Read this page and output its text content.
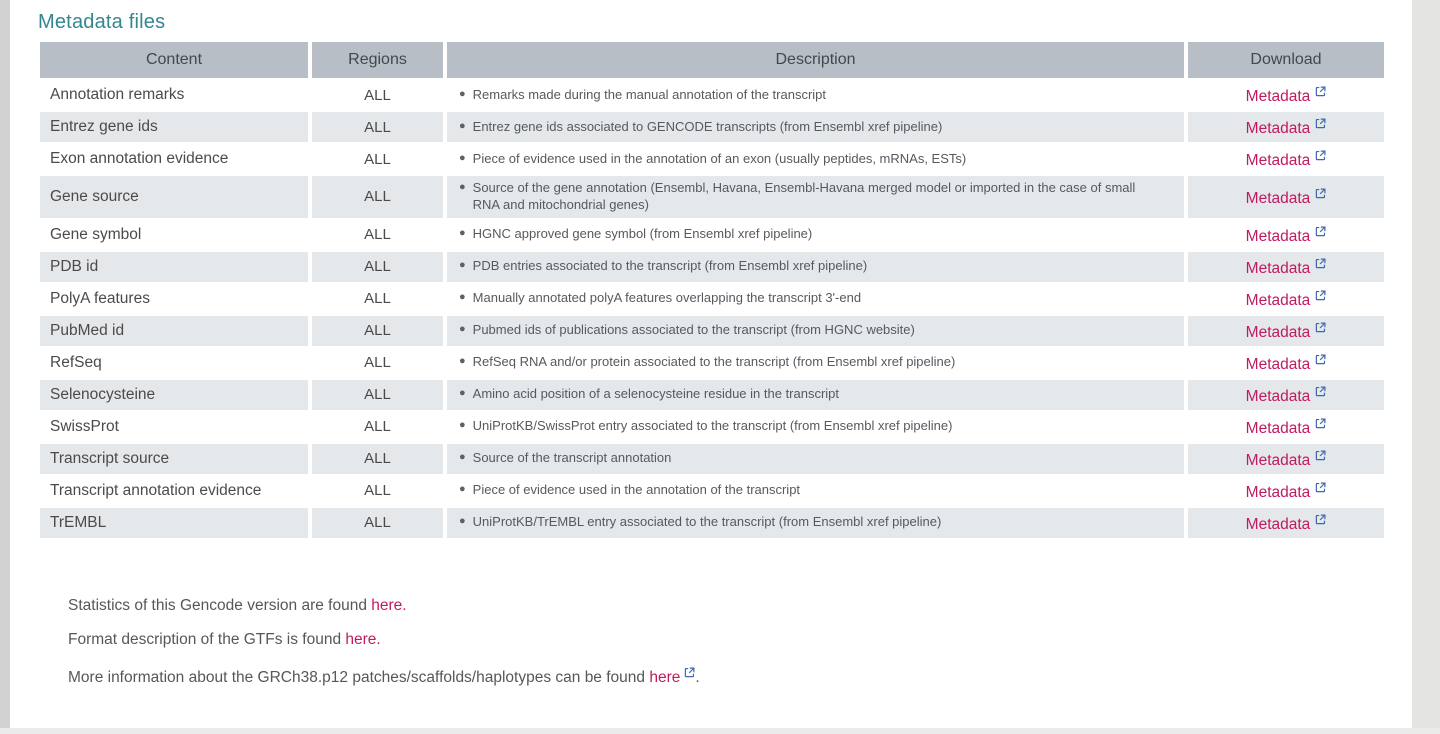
Metadata files
Content	Regions	Description	Download
Annotation remarks	ALL	● Remarks made during the manual annotation of the transcript	Metadata
Entrez gene ids	ALL	● Entrez gene ids associated to GENCODE transcripts (from Ensembl xref pipeline)	Metadata
Exon annotation evidence	ALL	● Piece of evidence used in the annotation of an exon (usually peptides, mRNAs, ESTs)	Metadata
Gene source	ALL	● Source of the gene annotation (Ensembl, Havana, Ensembl-Havana merged model or imported in the case of small RNA and mitochondrial genes)	Metadata
Gene symbol	ALL	● HGNC approved gene symbol (from Ensembl xref pipeline)	Metadata
PDB id	ALL	● PDB entries associated to the transcript (from Ensembl xref pipeline)	Metadata
PolyA features	ALL	● Manually annotated polyA features overlapping the transcript 3'-end	Metadata
PubMed id	ALL	● Pubmed ids of publications associated to the transcript (from HGNC website)	Metadata
RefSeq	ALL	● RefSeq RNA and/or protein associated to the transcript (from Ensembl xref pipeline)	Metadata
Selenocysteine	ALL	● Amino acid position of a selenocysteine residue in the transcript	Metadata
SwissProt	ALL	● UniProtKB/SwissProt entry associated to the transcript (from Ensembl xref pipeline)	Metadata
Transcript source	ALL	● Source of the transcript annotation	Metadata
Transcript annotation evidence	ALL	● Piece of evidence used in the annotation of the transcript	Metadata
TrEMBL	ALL	● UniProtKB/TrEMBL entry associated to the transcript (from Ensembl xref pipeline)	Metadata

Statistics of this Gencode version are found here.

Format description of the GTFs is found here.

More information about the GRCh38.p12 patches/scaffolds/haplotypes can be found here .
